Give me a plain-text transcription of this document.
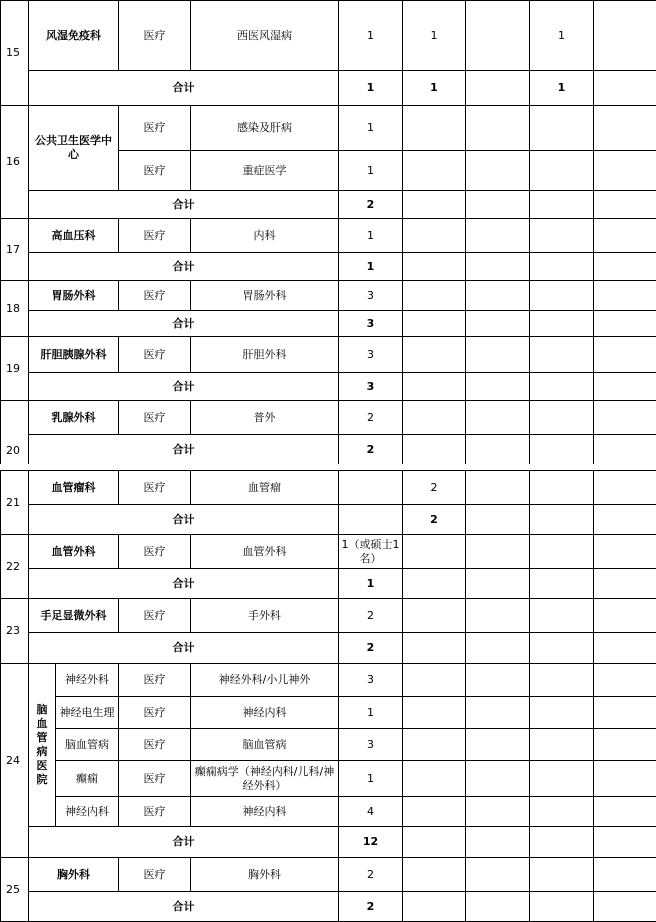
15	风湿免疫科	医疗	西医风湿病	1	1		1	
	合计			1	1		1	
16	公共卫生医学中心	医疗	感染及肝病	1				
		医疗	重症医学	1				
	合计			2				
17	高血压科	医疗	内科	1				
	合计			1				
18	胃肠外科	医疗	胃肠外科	3				
	合计			3				
19	肝胆胰腺外科	医疗	肝胆外科	3				
	合计			3				
20	乳腺外科	医疗	普外	2				
	合计			2				
21	血管瘤科		医疗	血管瘤		2			
	合计					2			
22	血管外科		医疗	血管外科	1（或硕士1名）				
	合计				1				
23	手足显微外科		医疗	手外科	2				
	合计				2				
24	脑血管病医院	神经外科	医疗	神经外科/小儿神外	3				
		神经电生理	医疗	神经内科	1				
		脑血管病	医疗	脑血管病	3				
		癫痫	医疗	癫痫病学（神经内科/儿科/神经外科）	1				
		神经内科	医疗	神经内科	4				
	合计				12				
25	胸外科		医疗	胸外科	2				
	合计				2				
